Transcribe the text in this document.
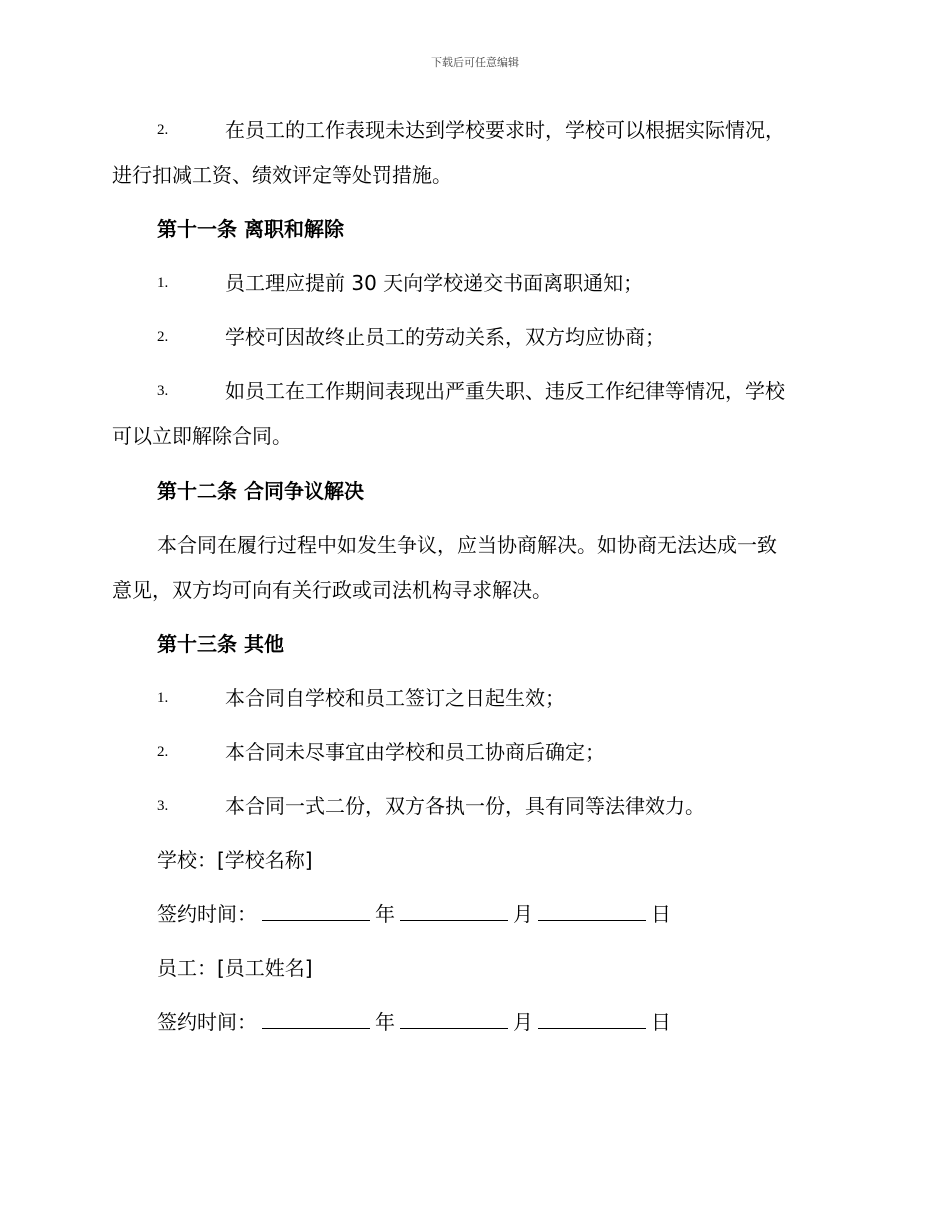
下载后可任意编辑
2.	在员工的工作表现未达到学校要求时，学校可以根据实际情况，
进行扣减工资、绩效评定等处罚措施。
第十一条 离职和解除
1.	员工理应提前 30 天向学校递交书面离职通知；
2.	学校可因故终止员工的劳动关系，双方均应协商；
3.	如员工在工作期间表现出严重失职、违反工作纪律等情况，学校
可以立即解除合同。
第十二条 合同争议解决
本合同在履行过程中如发生争议，应当协商解决。如协商无法达成一致
意见，双方均可向有关行政或司法机构寻求解决。
第十三条 其他
1.	本合同自学校和员工签订之日起生效；
2.	本合同未尽事宜由学校和员工协商后确定；
3.	本合同一式二份，双方各执一份，具有同等法律效力。
学校：[学校名称]
签约时间：	年	月	日
员工：[员工姓名]
签约时间：	年	月	日
